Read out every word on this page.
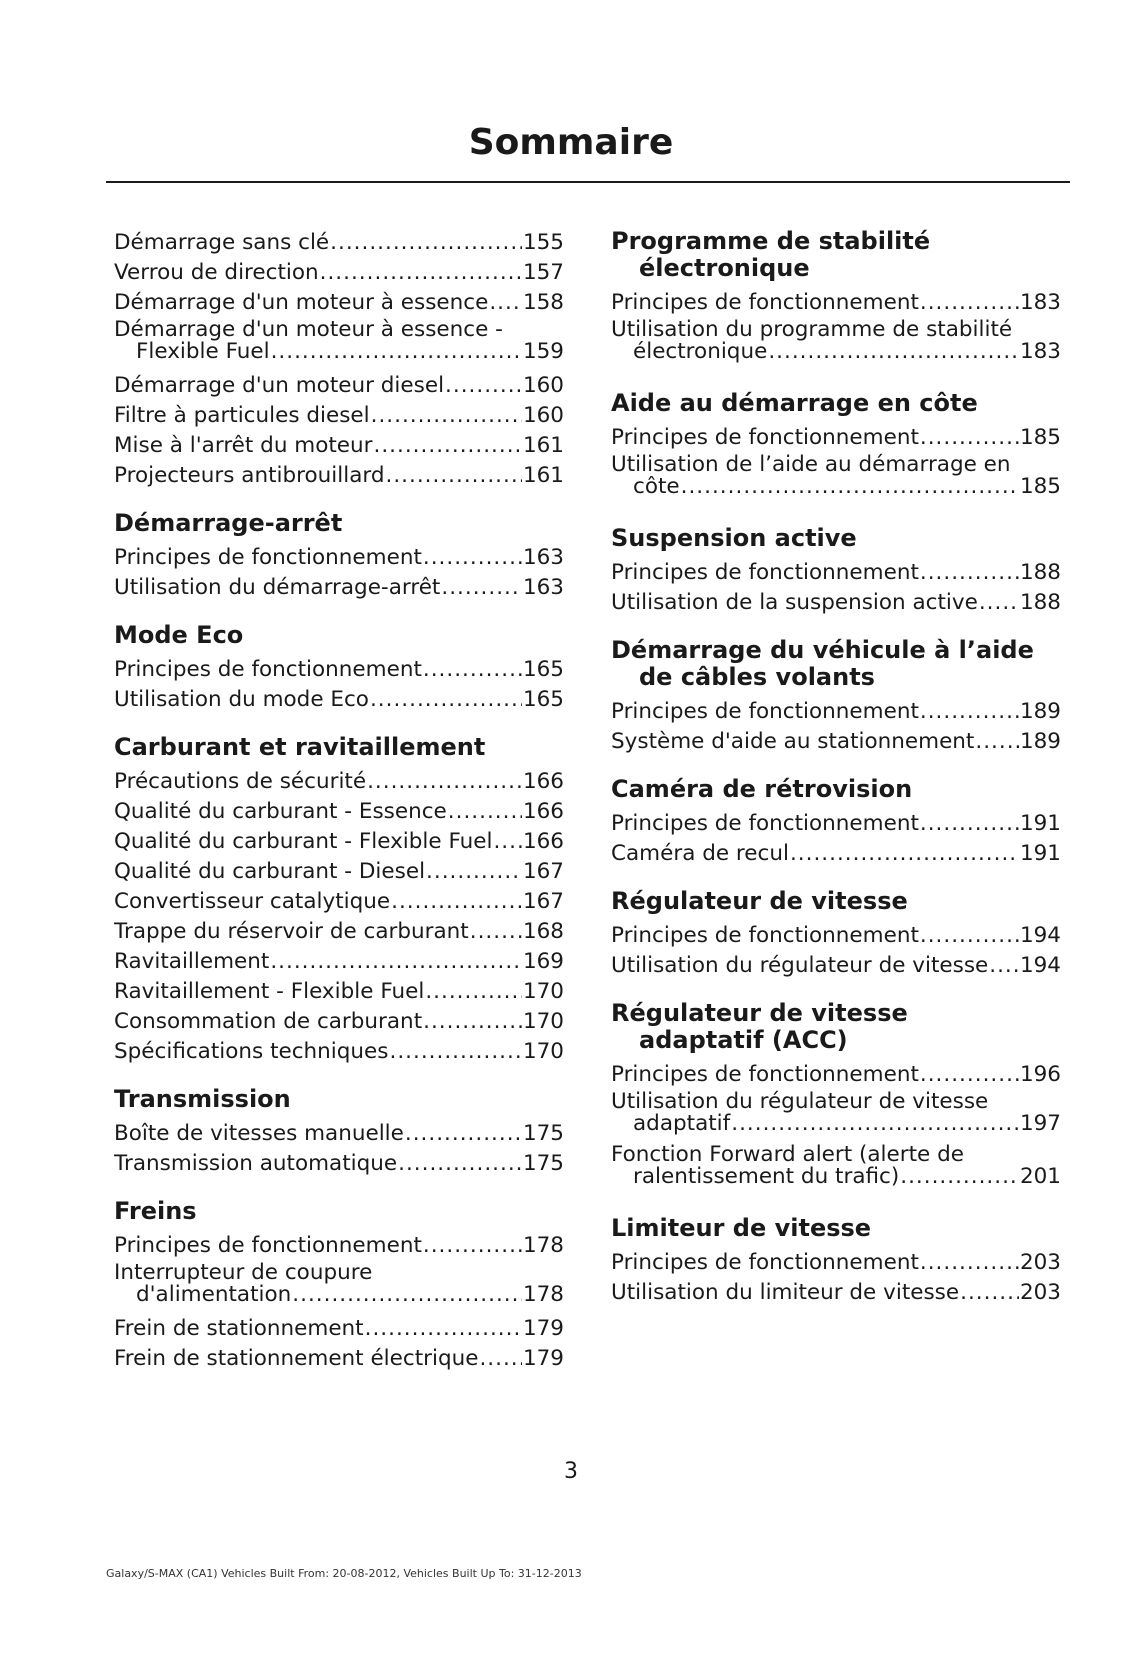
Sommaire
Démarrage sans clé .....	155
Verrou de direction .....	157
Démarrage d'un moteur à essence ..... 158
Démarrage d'un moteur à essence -
Flexible Fuel .....	159
Démarrage d'un moteur diesel .....	160
Filtre à particules diesel .....	160
Mise à l'arrêt du moteur .....	161
Projecteurs antibrouillard .....	161
Démarrage-arrêt
Principes de fonctionnement .....	163
Utilisation du démarrage-arrêt .....	163
Mode Eco
Principes de fonctionnement .....	165
Utilisation du mode Eco .....	165
Carburant et ravitaillement
Précautions de sécurité .....	166
Qualité du carburant - Essence .....	166
Qualité du carburant - Flexible Fuel ..... 166
Qualité du carburant - Diesel .....	167
Convertisseur catalytique .....	167
Trappe du réservoir de carburant .....	168
Ravitaillement .....	169
Ravitaillement - Flexible Fuel .....	170
Consommation de carburant .....	170
Spécifications techniques .....	170
Transmission
Boîte de vitesses manuelle .....	175
Transmission automatique .....	175
Freins
Principes de fonctionnement .....	178
Interrupteur de coupure
d'alimentation .....	178
Frein de stationnement .....	179
Frein de stationnement électrique ..... 179
Programme de stabilité
électronique
Principes de fonctionnement .....	183
Utilisation du programme de stabilité
électronique .....	183
Aide au démarrage en côte
Principes de fonctionnement .....	185
Utilisation de l’aide au démarrage en
côte .....	185
Suspension active
Principes de fonctionnement .....	188
Utilisation de la suspension active ..... 188
Démarrage du véhicule à l’aide
de câbles volants
Principes de fonctionnement .....	189
Système d'aide au stationnement ..... 189
Caméra de rétrovision
Principes de fonctionnement .....	191
Caméra de recul .....	191
Régulateur de vitesse
Principes de fonctionnement .....	194
Utilisation du régulateur de vitesse ..... 194
Régulateur de vitesse
adaptatif (ACC)
Principes de fonctionnement .....	196
Utilisation du régulateur de vitesse
adaptatif .....	197
Fonction Forward alert (alerte de
ralentissement du trafic) .....	201
Limiteur de vitesse
Principes de fonctionnement .....	203
Utilisation du limiteur de vitesse .....	203
3
Galaxy/S-MAX (CA1) Vehicles Built From: 20-08-2012, Vehicles Built Up To: 31-12-2013
